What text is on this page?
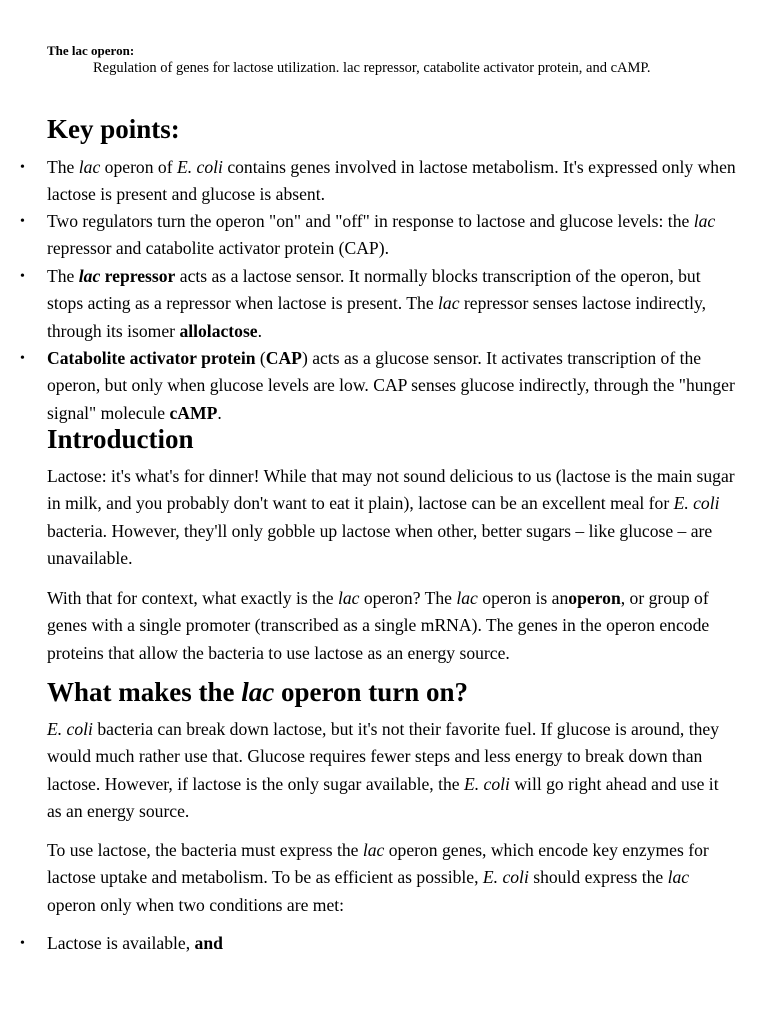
The lac operon:
Regulation of genes for lactose utilization. lac repressor, catabolite activator protein, and cAMP.
Key points:
• The lac operon of E. coli contains genes involved in lactose metabolism. It's expressed only when lactose is present and glucose is absent.
• Two regulators turn the operon "on" and "off" in response to lactose and glucose levels: the lac repressor and catabolite activator protein (CAP).
• The lac repressor acts as a lactose sensor. It normally blocks transcription of the operon, but stops acting as a repressor when lactose is present. The lac repressor senses lactose indirectly, through its isomer allolactose.
• Catabolite activator protein (CAP) acts as a glucose sensor. It activates transcription of the operon, but only when glucose levels are low. CAP senses glucose indirectly, through the "hunger signal" molecule cAMP.
Introduction
Lactose: it's what's for dinner! While that may not sound delicious to us (lactose is the main sugar in milk, and you probably don't want to eat it plain), lactose can be an excellent meal for E. coli bacteria. However, they'll only gobble up lactose when other, better sugars – like glucose – are unavailable.
With that for context, what exactly is the lac operon? The lac operon is anoperon, or group of genes with a single promoter (transcribed as a single mRNA). The genes in the operon encode proteins that allow the bacteria to use lactose as an energy source.
What makes the lac operon turn on?
E. coli bacteria can break down lactose, but it's not their favorite fuel. If glucose is around, they would much rather use that. Glucose requires fewer steps and less energy to break down than lactose. However, if lactose is the only sugar available, the E. coli will go right ahead and use it as an energy source.
To use lactose, the bacteria must express the lac operon genes, which encode key enzymes for lactose uptake and metabolism. To be as efficient as possible, E. coli should express the lac operon only when two conditions are met:
• Lactose is available, and
